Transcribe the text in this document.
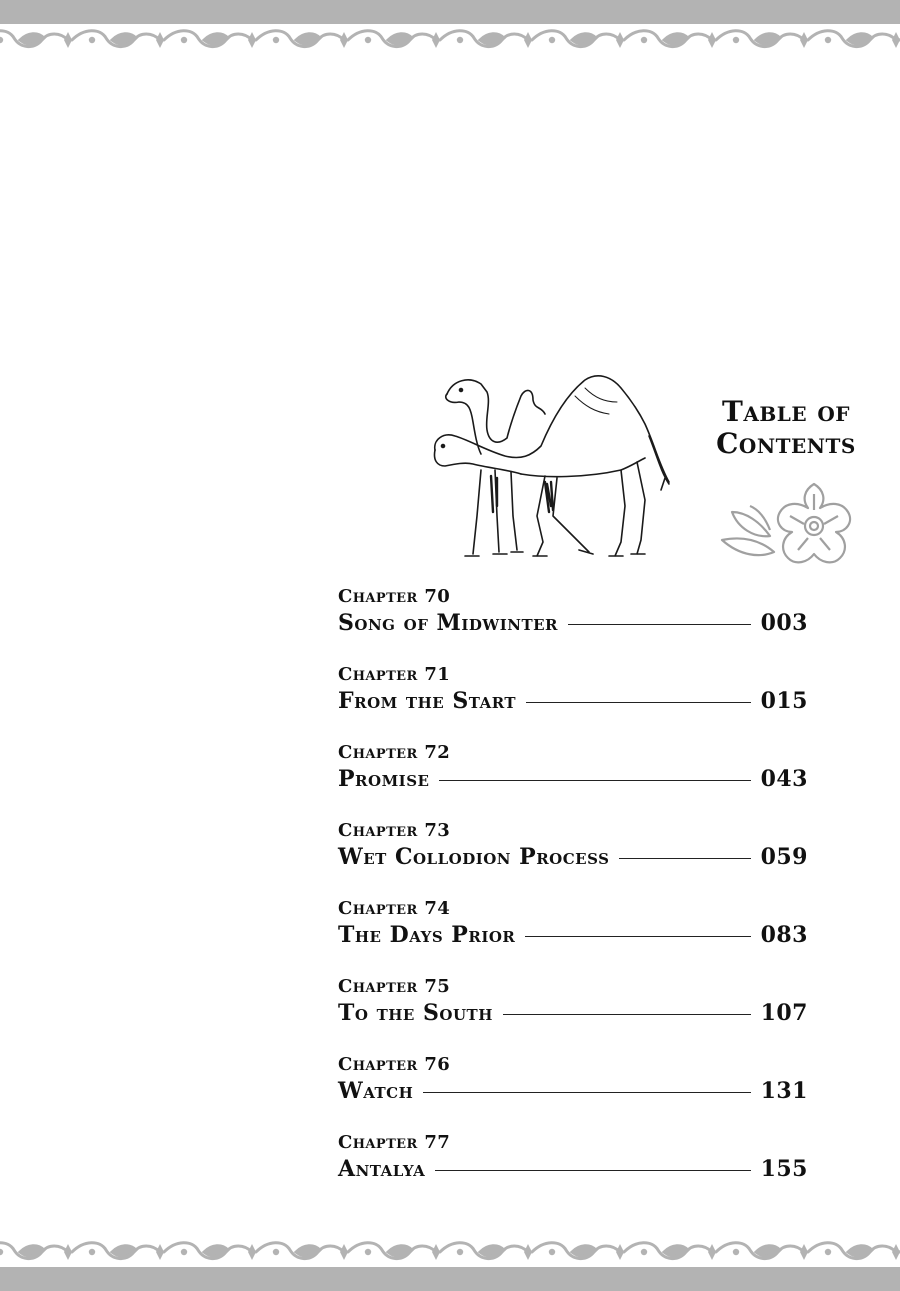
Table of Contents
Chapter 70
Song of Midwinter	003
Chapter 71
From the Start	015
Chapter 72
Promise	043
Chapter 73
Wet Collodion Process	059
Chapter 74
The Days Prior	083
Chapter 75
To the South	107
Chapter 76
Watch	131
Chapter 77
Antalya	155
